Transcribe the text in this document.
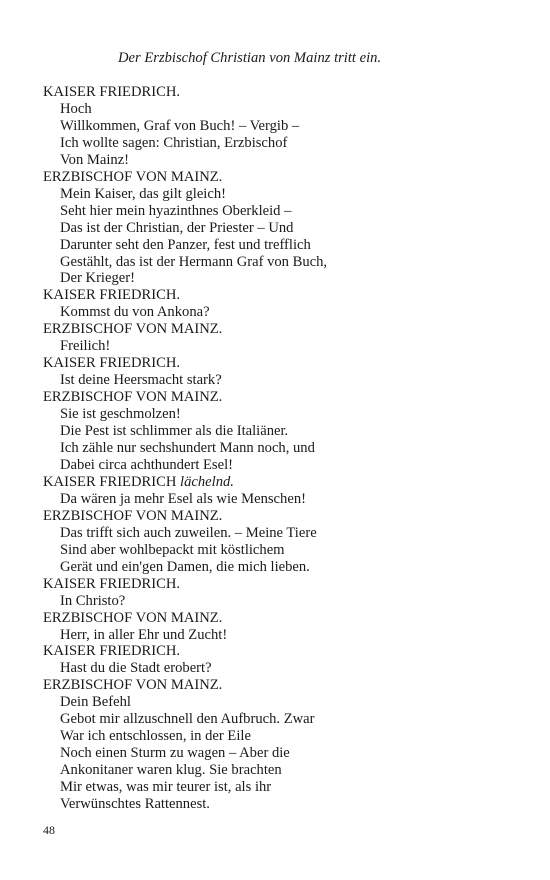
Der Erzbischof Christian von Mainz tritt ein.
KAISER FRIEDRICH.
Hoch
Willkommen, Graf von Buch! – Vergib –
Ich wollte sagen: Christian, Erzbischof
Von Mainz!
ERZBISCHOF VON MAINZ.
Mein Kaiser, das gilt gleich!
Seht hier mein hyazinthnes Oberkleid –
Das ist der Christian, der Priester – Und
Darunter seht den Panzer, fest und trefflich
Gestählt, das ist der Hermann Graf von Buch,
Der Krieger!
KAISER FRIEDRICH.
Kommst du von Ankona?
ERZBISCHOF VON MAINZ.
Freilich!
KAISER FRIEDRICH.
Ist deine Heersmacht stark?
ERZBISCHOF VON MAINZ.
Sie ist geschmolzen!
Die Pest ist schlimmer als die Italiäner.
Ich zähle nur sechshundert Mann noch, und
Dabei circa achthundert Esel!
KAISER FRIEDRICH lächelnd.
Da wären ja mehr Esel als wie Menschen!
ERZBISCHOF VON MAINZ.
Das trifft sich auch zuweilen. – Meine Tiere
Sind aber wohlbepackt mit köstlichem
Gerät und ein'gen Damen, die mich lieben.
KAISER FRIEDRICH.
In Christo?
ERZBISCHOF VON MAINZ.
Herr, in aller Ehr und Zucht!
KAISER FRIEDRICH.
Hast du die Stadt erobert?
ERZBISCHOF VON MAINZ.
Dein Befehl
Gebot mir allzuschnell den Aufbruch. Zwar
War ich entschlossen, in der Eile
Noch einen Sturm zu wagen – Aber die
Ankonitaner waren klug. Sie brachten
Mir etwas, was mir teurer ist, als ihr
Verwünschtes Rattennest.
48
